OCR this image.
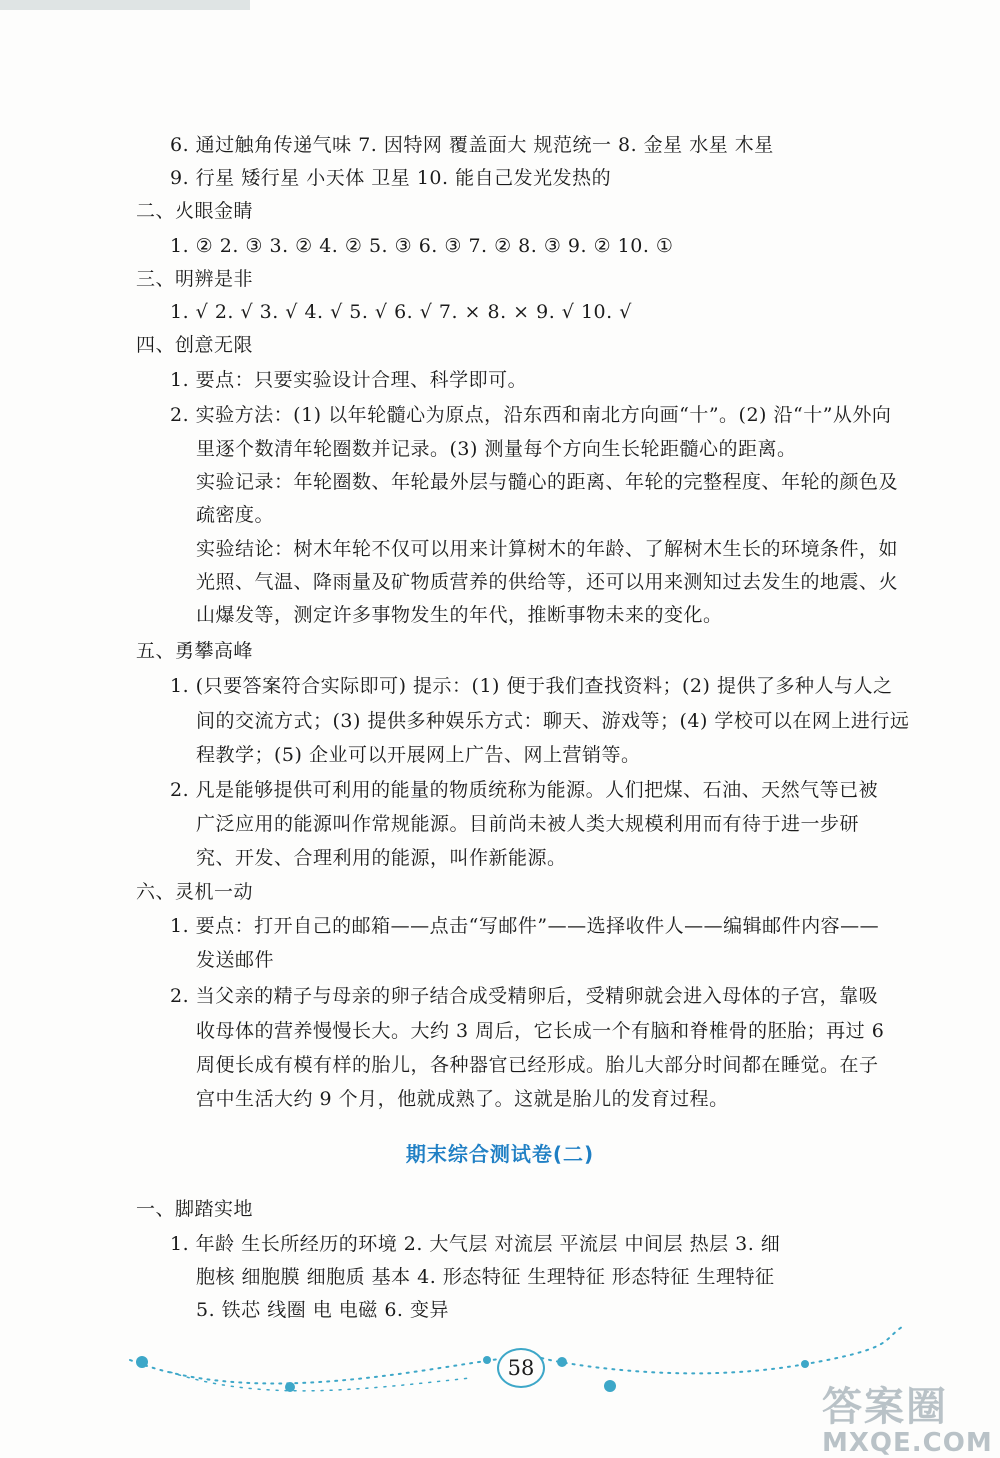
6. 通过触角传递气味 7. 因特网 覆盖面大 规范统一 8. 金星 水星 木星
9. 行星 矮行星 小天体 卫星 10. 能自己发光发热的
二、火眼金睛
1. ② 2. ③ 3. ② 4. ② 5. ③ 6. ③ 7. ② 8. ③ 9. ② 10. ①
三、明辨是非
1. √ 2. √ 3. √ 4. √ 5. √ 6. √ 7. × 8. × 9. √ 10. √
四、创意无限
1. 要点：只要实验设计合理、科学即可。
2. 实验方法：(1) 以年轮髓心为原点，沿东西和南北方向画“十”。(2) 沿“十”从外向
里逐个数清年轮圈数并记录。(3) 测量每个方向生长轮距髓心的距离。
实验记录：年轮圈数、年轮最外层与髓心的距离、年轮的完整程度、年轮的颜色及
疏密度。
实验结论：树木年轮不仅可以用来计算树木的年龄、了解树木生长的环境条件，如
光照、气温、降雨量及矿物质营养的供给等，还可以用来测知过去发生的地震、火
山爆发等，测定许多事物发生的年代，推断事物未来的变化。
五、勇攀高峰
1. (只要答案符合实际即可) 提示：(1) 便于我们查找资料；(2) 提供了多种人与人之
间的交流方式；(3) 提供多种娱乐方式：聊天、游戏等；(4) 学校可以在网上进行远
程教学；(5) 企业可以开展网上广告、网上营销等。
2. 凡是能够提供可利用的能量的物质统称为能源。人们把煤、石油、天然气等已被
广泛应用的能源叫作常规能源。目前尚未被人类大规模利用而有待于进一步研
究、开发、合理利用的能源，叫作新能源。
六、灵机一动
1. 要点：打开自己的邮箱——点击“写邮件”——选择收件人——编辑邮件内容——
发送邮件
2. 当父亲的精子与母亲的卵子结合成受精卵后，受精卵就会进入母体的子宫，靠吸
收母体的营养慢慢长大。大约 3 周后，它长成一个有脑和脊椎骨的胚胎；再过 6
周便长成有模有样的胎儿，各种器官已经形成。胎儿大部分时间都在睡觉。在子
宫中生活大约 9 个月，他就成熟了。这就是胎儿的发育过程。
期末综合测试卷(二)
一、脚踏实地
1. 年龄 生长所经历的环境 2. 大气层 对流层 平流层 中间层 热层 3. 细
胞核 细胞膜 细胞质 基本 4. 形态特征 生理特征 形态特征 生理特征
5. 铁芯 线圈 电 电磁 6. 变异
58
答案圈
MXQE.COM
